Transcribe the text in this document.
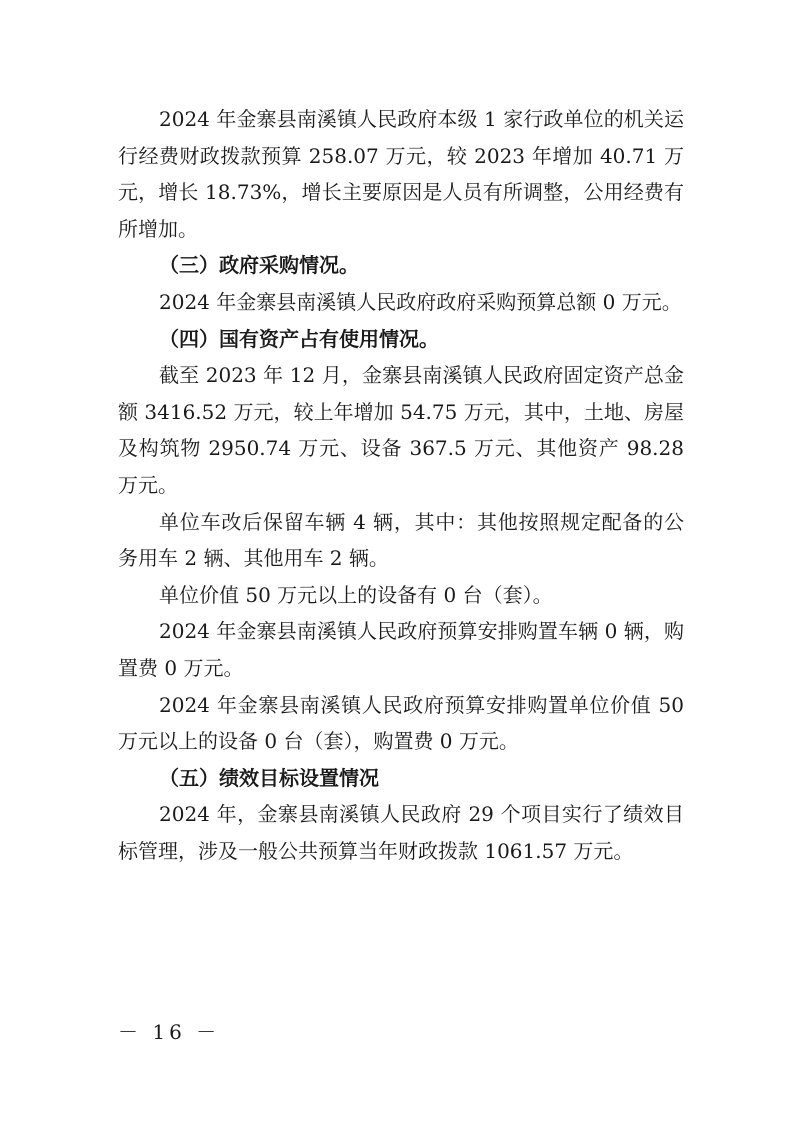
2024 年金寨县南溪镇人民政府本级 1 家行政单位的机关运行经费财政拨款预算 258.07 万元，较 2023 年增加 40.71 万元，增长 18.73%，增长主要原因是人员有所调整，公用经费有所增加。

（三）政府采购情况。

2024 年金寨县南溪镇人民政府政府采购预算总额 0 万元。

（四）国有资产占有使用情况。

截至 2023 年 12 月，金寨县南溪镇人民政府固定资产总金额 3416.52 万元，较上年增加 54.75 万元，其中，土地、房屋及构筑物 2950.74 万元、设备 367.5 万元、其他资产 98.28 万元。

单位车改后保留车辆 4 辆，其中：其他按照规定配备的公务用车 2 辆、其他用车 2 辆。

单位价值 50 万元以上的设备有 0 台（套）。

2024 年金寨县南溪镇人民政府预算安排购置车辆 0 辆，购置费 0 万元。

2024 年金寨县南溪镇人民政府预算安排购置单位价值 50 万元以上的设备 0 台（套），购置费 0 万元。

（五）绩效目标设置情况

2024 年，金寨县南溪镇人民政府 29 个项目实行了绩效目标管理，涉及一般公共预算当年财政拨款 1061.57 万元。

－ 16 －
